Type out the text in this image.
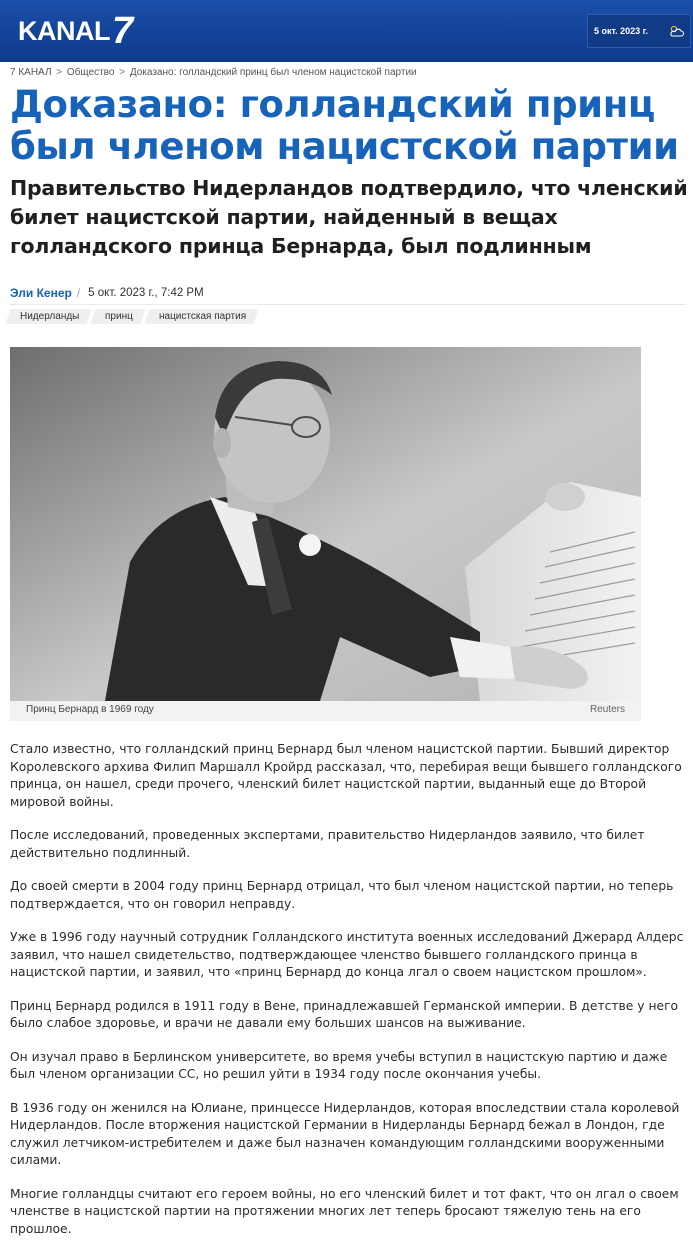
KANAL 7	5 окт. 2023 г.
7 КАНАЛ > Общество > Доказано: голландский принц был членом нацистской партии
Доказано: голландский принц был членом нацистской партии
Правительство Нидерландов подтвердило, что членский билет нацистской партии, найденный в вещах голландского принца Бернарда, был подлинным
Эли Кенер / 5 окт. 2023 г., 7:42 PM
Нидерланды	принц	нацистская партия
Принц Бернард в 1969 году	Reuters

Стало известно, что голландский принц Бернард был членом нацистской партии. Бывший директор Королевского архива Филип Маршалл Кройрд рассказал, что, перебирая вещи бывшего голландского принца, он нашел, среди прочего, членский билет нацистской партии, выданный еще до Второй мировой войны.

После исследований, проведенных экспертами, правительство Нидерландов заявило, что билет действительно подлинный.

До своей смерти в 2004 году принц Бернард отрицал, что был членом нацистской партии, но теперь подтверждается, что он говорил неправду.

Уже в 1996 году научный сотрудник Голландского института военных исследований Джерард Алдерс заявил, что нашел свидетельство, подтверждающее членство бывшего голландского принца в нацистской партии, и заявил, что «принц Бернард до конца лгал о своем нацистском прошлом».

Принц Бернард родился в 1911 году в Вене, принадлежавшей Германской империи. В детстве у него было слабое здоровье, и врачи не давали ему больших шансов на выживание.

Он изучал право в Берлинском университете, во время учебы вступил в нацистскую партию и даже был членом организации СС, но решил уйти в 1934 году после окончания учебы.

В 1936 году он женился на Юлиане, принцессе Нидерландов, которая впоследствии стала королевой Нидерландов. После вторжения нацистской Германии в Нидерланды Бернард бежал в Лондон, где служил летчиком-истребителем и даже был назначен командующим голландскими вооруженными силами.

Многие голландцы считают его героем войны, но его членский билет и тот факт, что он лгал о своем членстве в нацистской партии на протяжении многих лет теперь бросают тяжелую тень на его прошлое.
